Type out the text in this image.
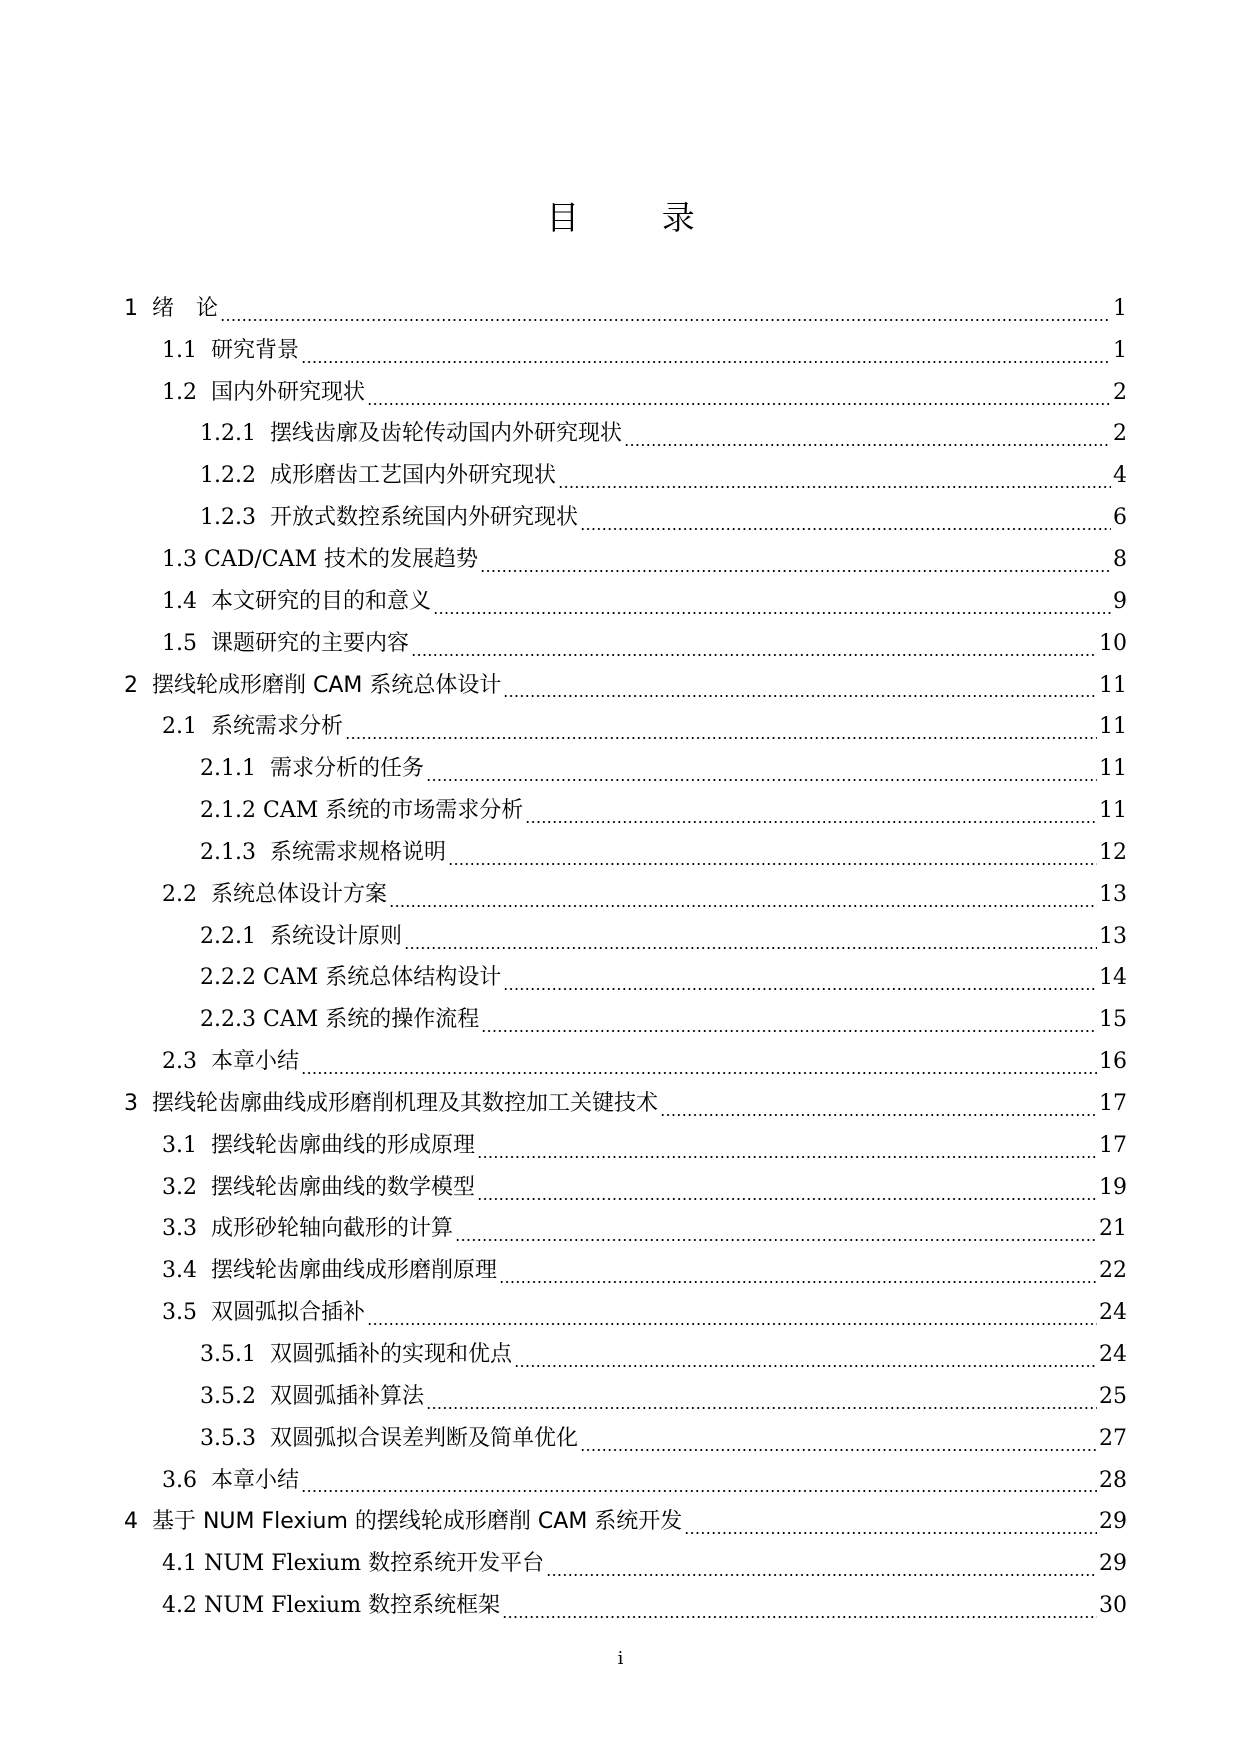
目 录
1 绪　论	1
1.1 研究背景	1
1.2 国内外研究现状	2
1.2.1 摆线齿廓及齿轮传动国内外研究现状	2
1.2.2 成形磨齿工艺国内外研究现状	4
1.2.3 开放式数控系统国内外研究现状	6
1.3 CAD/CAM 技术的发展趋势	8
1.4 本文研究的目的和意义	9
1.5 课题研究的主要内容	10
2 摆线轮成形磨削 CAM 系统总体设计	11
2.1 系统需求分析	11
2.1.1 需求分析的任务	11
2.1.2 CAM 系统的市场需求分析	11
2.1.3 系统需求规格说明	12
2.2 系统总体设计方案	13
2.2.1 系统设计原则	13
2.2.2 CAM 系统总体结构设计	14
2.2.3 CAM 系统的操作流程	15
2.3 本章小结	16
3 摆线轮齿廓曲线成形磨削机理及其数控加工关键技术	17
3.1 摆线轮齿廓曲线的形成原理	17
3.2 摆线轮齿廓曲线的数学模型	19
3.3 成形砂轮轴向截形的计算	21
3.4 摆线轮齿廓曲线成形磨削原理	22
3.5 双圆弧拟合插补	24
3.5.1 双圆弧插补的实现和优点	24
3.5.2 双圆弧插补算法	25
3.5.3 双圆弧拟合误差判断及简单优化	27
3.6 本章小结	28
4 基于 NUM Flexium 的摆线轮成形磨削 CAM 系统开发	29
4.1 NUM Flexium 数控系统开发平台	29
4.2 NUM Flexium 数控系统框架	30
i
